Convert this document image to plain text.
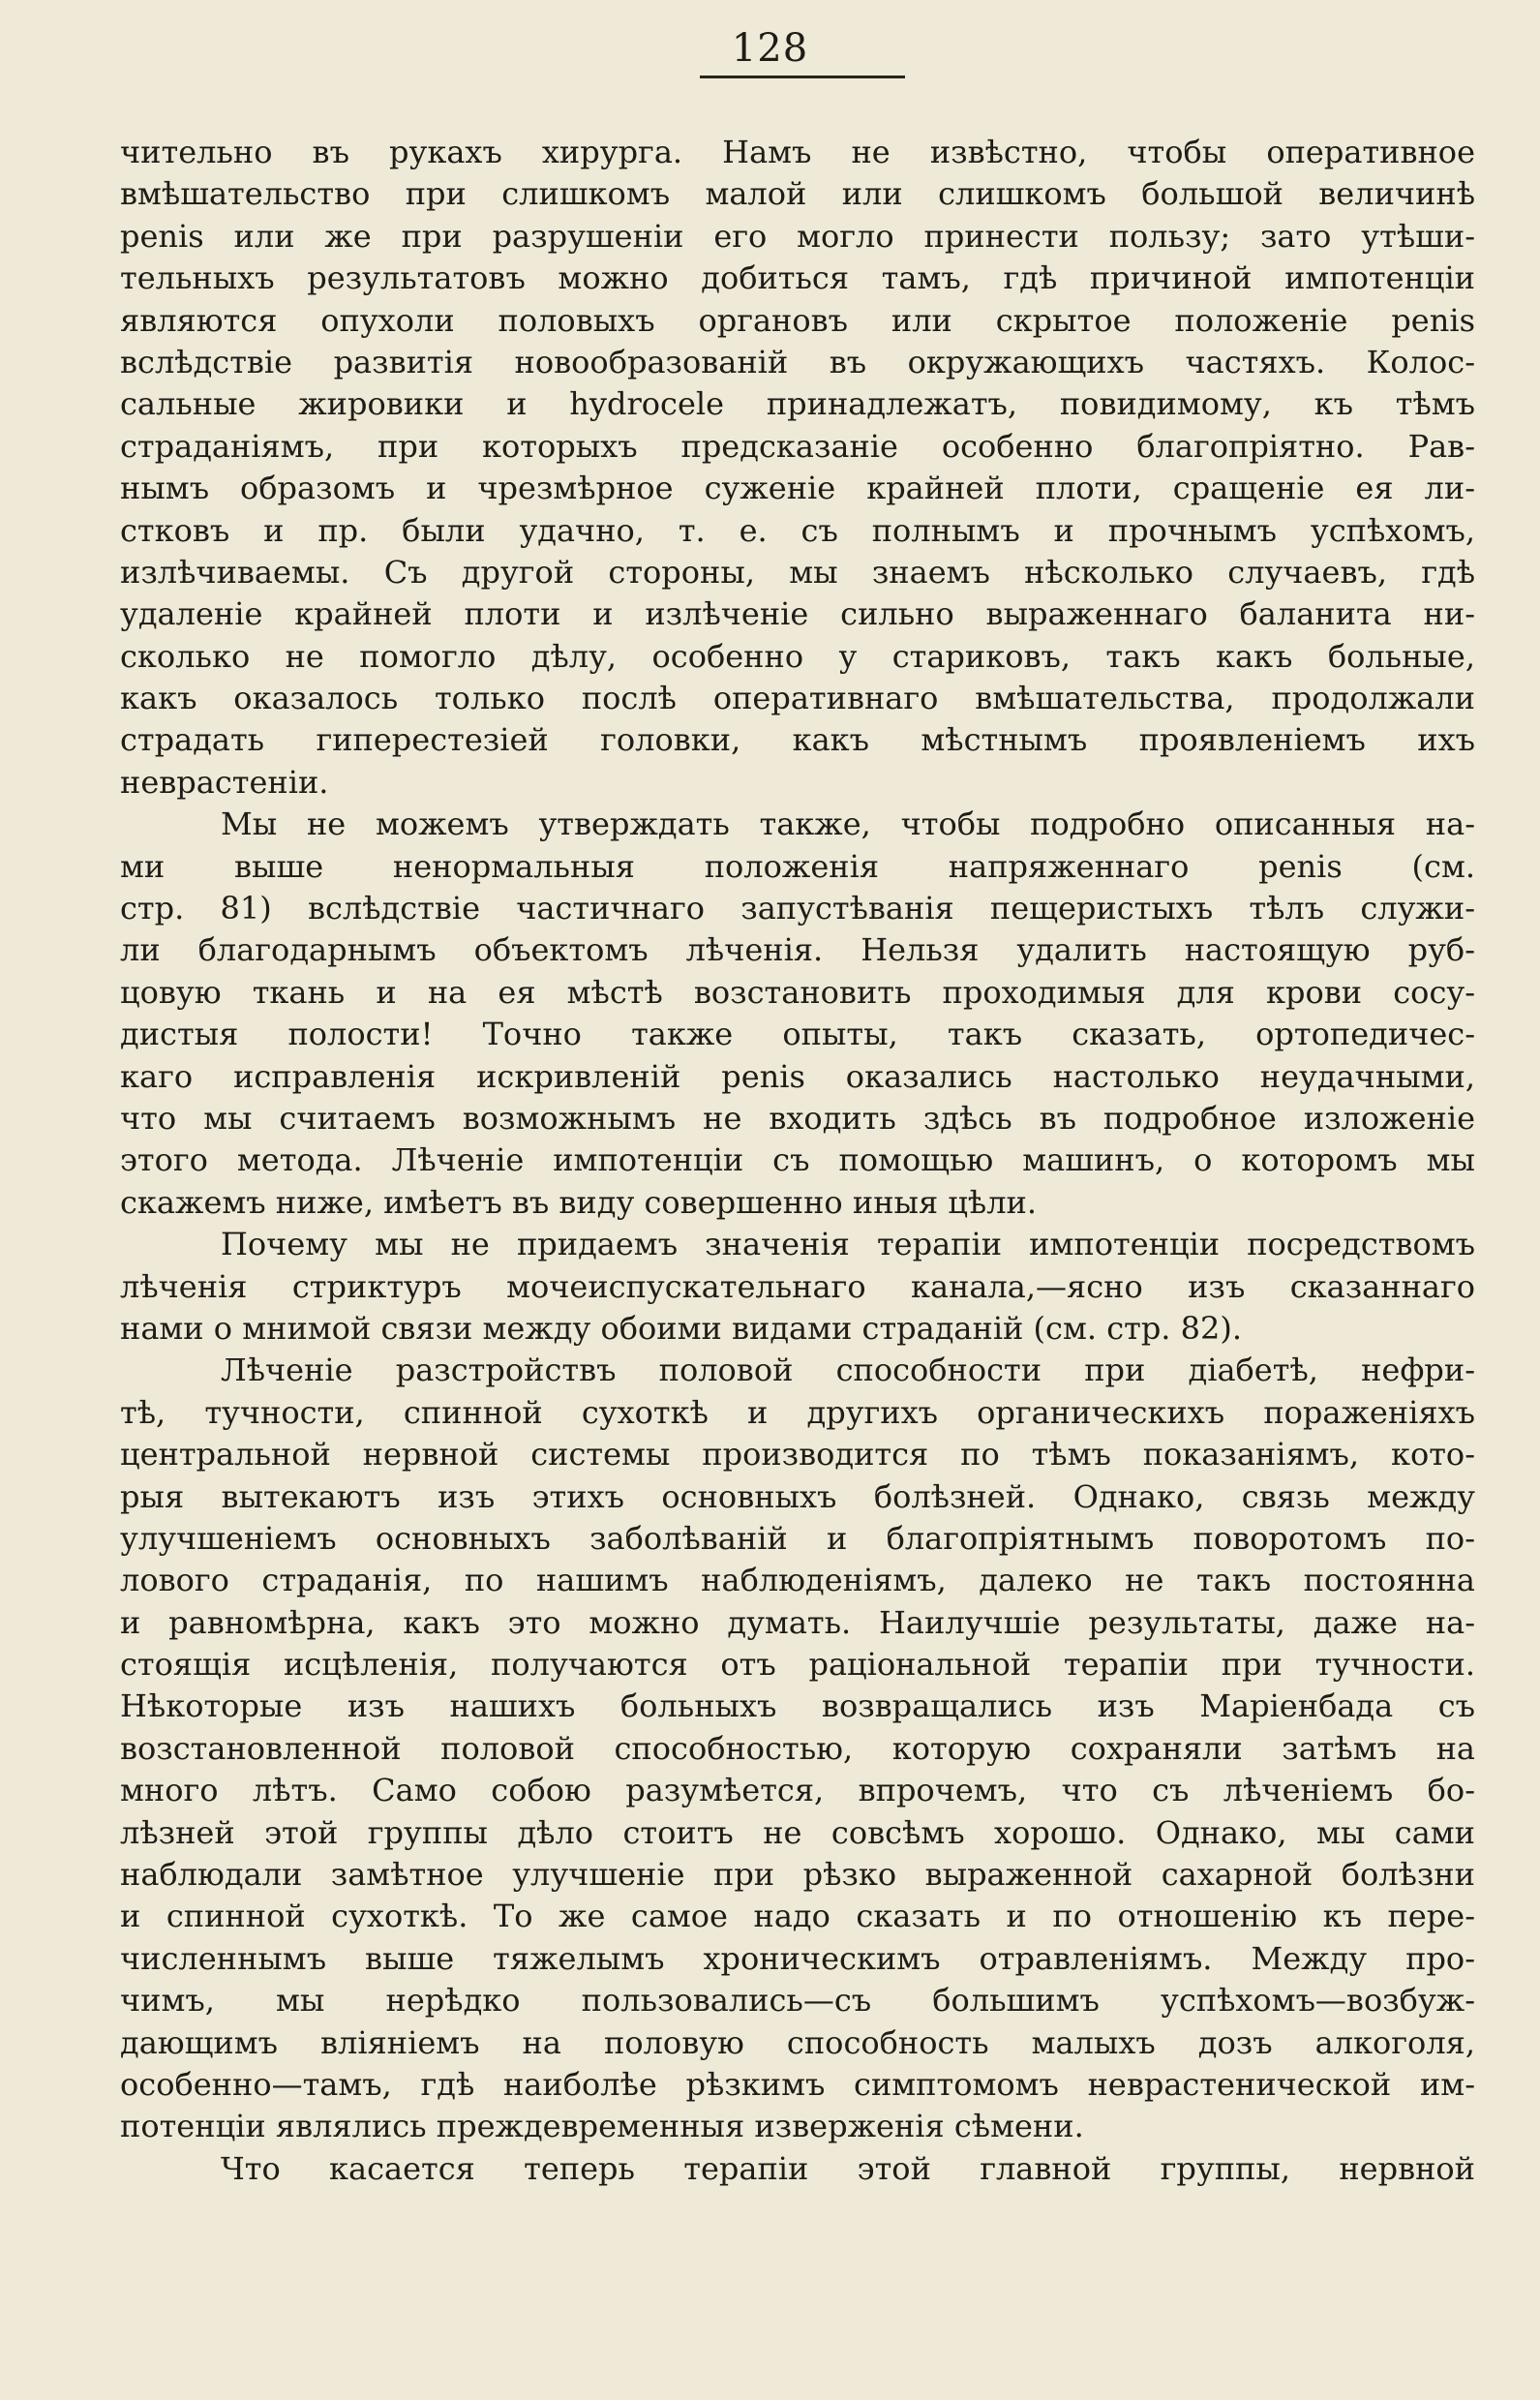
128
чительно въ рукахъ хирурга. Намъ не извѣстно, чтобы оперативное
вмѣшательство при слишкомъ малой или слишкомъ большой величинѣ
penis или же при разрушеніи его могло принести пользу; зато утѣши-
тельныхъ результатовъ можно добиться тамъ, гдѣ причиной импотенціи
являются опухоли половыхъ органовъ или скрытое положеніе penis
вслѣдствіе развитія новообразованій въ окружающихъ частяхъ. Колос-
сальные жировики и hydrocele принадлежатъ, повидимому, къ тѣмъ
страданіямъ, при которыхъ предсказаніе особенно благопріятно. Рав-
нымъ образомъ и чрезмѣрное суженіе крайней плоти, сращеніе ея ли-
стковъ и пр. были удачно, т. е. съ полнымъ и прочнымъ успѣхомъ,
излѣчиваемы. Съ другой стороны, мы знаемъ нѣсколько случаевъ, гдѣ
удаленіе крайней плоти и излѣченіе сильно выраженнаго баланита ни-
сколько не помогло дѣлу, особенно у стариковъ, такъ какъ больные,
какъ оказалось только послѣ оперативнаго вмѣшательства, продолжали
страдать гиперестезіей головки, какъ мѣстнымъ проявленіемъ ихъ
неврастеніи.
Мы не можемъ утверждать также, чтобы подробно описанныя на-
ми выше ненормальныя положенія напряженнаго penis (см.
стр. 81) вслѣдствіе частичнаго запустѣванія пещеристыхъ тѣлъ служи-
ли благодарнымъ объектомъ лѣченія. Нельзя удалить настоящую руб-
цовую ткань и на ея мѣстѣ возстановить проходимыя для крови сосу-
дистыя полости! Точно также опыты, такъ сказать, ортопедичес-
каго исправленія искривленій penis оказались настолько неудачными,
что мы считаемъ возможнымъ не входить здѣсь въ подробное изложеніе
этого метода. Лѣченіе импотенціи съ помощью машинъ, о которомъ мы
скажемъ ниже, имѣетъ въ виду совершенно иныя цѣли.
Почему мы не придаемъ значенія терапіи импотенціи посредствомъ
лѣченія стриктуръ мочеиспускательнаго канала,—ясно изъ сказаннаго
нами о мнимой связи между обоими видами страданій (см. стр. 82).
Лѣченіе разстройствъ половой способности при діабетѣ, нефри-
тѣ, тучности, спинной сухоткѣ и другихъ органическихъ пораженіяхъ
центральной нервной системы производится по тѣмъ показаніямъ, кото-
рыя вытекаютъ изъ этихъ основныхъ болѣзней. Однако, связь между
улучшеніемъ основныхъ заболѣваній и благопріятнымъ поворотомъ по-
лового страданія, по нашимъ наблюденіямъ, далеко не такъ постоянна
и равномѣрна, какъ это можно думать. Наилучшіе результаты, даже на-
стоящія исцѣленія, получаются отъ раціональной терапіи при тучности.
Нѣкоторые изъ нашихъ больныхъ возвращались изъ Маріенбада съ
возстановленной половой способностью, которую сохраняли затѣмъ на
много лѣтъ. Само собою разумѣется, впрочемъ, что съ лѣченіемъ бо-
лѣзней этой группы дѣло стоитъ не совсѣмъ хорошо. Однако, мы сами
наблюдали замѣтное улучшеніе при рѣзко выраженной сахарной болѣзни
и спинной сухоткѣ. То же самое надо сказать и по отношенію къ пере-
численнымъ выше тяжелымъ хроническимъ отравленіямъ. Между про-
чимъ, мы нерѣдко пользовались—съ большимъ успѣхомъ—возбуж-
дающимъ вліяніемъ на половую способность малыхъ дозъ алкоголя,
особенно—тамъ, гдѣ наиболѣе рѣзкимъ симптомомъ неврастенической им-
потенціи являлись преждевременныя изверженія сѣмени.
Что касается теперь терапіи этой главной группы, нервной
